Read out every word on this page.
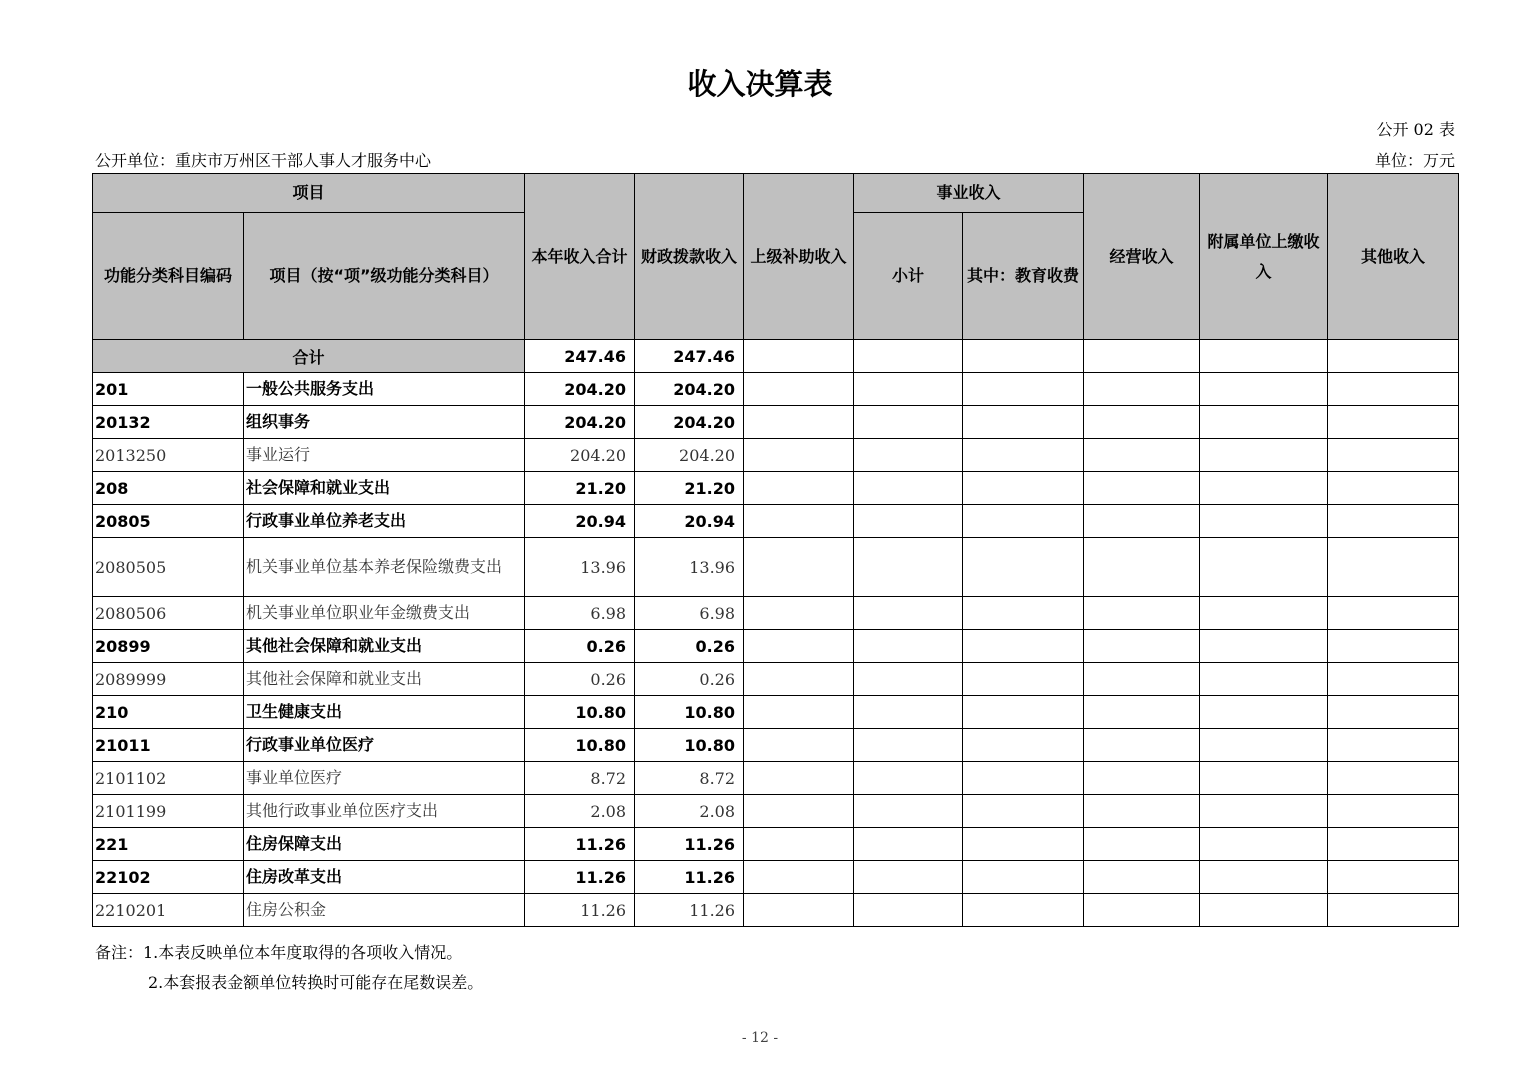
收入决算表
公开 02 表
公开单位：重庆市万州区干部人事人才服务中心	单位：万元
项目		本年收入合计	财政拨款收入	上级补助收入	事业收入		经营收入	附属单位上缴收入	其他收入
功能分类科目编码	项目（按“项”级功能分类科目）				小计	其中：教育收费			
合计		247.46	247.46						
201	一般公共服务支出	204.20	204.20						
20132	组织事务	204.20	204.20						
2013250	事业运行	204.20	204.20						
208	社会保障和就业支出	21.20	21.20						
20805	行政事业单位养老支出	20.94	20.94						
2080505	机关事业单位基本养老保险缴费支出	13.96	13.96						
2080506	机关事业单位职业年金缴费支出	6.98	6.98						
20899	其他社会保障和就业支出	0.26	0.26						
2089999	其他社会保障和就业支出	0.26	0.26						
210	卫生健康支出	10.80	10.80						
21011	行政事业单位医疗	10.80	10.80						
2101102	事业单位医疗	8.72	8.72						
2101199	其他行政事业单位医疗支出	2.08	2.08						
221	住房保障支出	11.26	11.26						
22102	住房改革支出	11.26	11.26						
2210201	住房公积金	11.26	11.26						
备注：1.本表反映单位本年度取得的各项收入情况。
2.本套报表金额单位转换时可能存在尾数误差。
- 12 -
